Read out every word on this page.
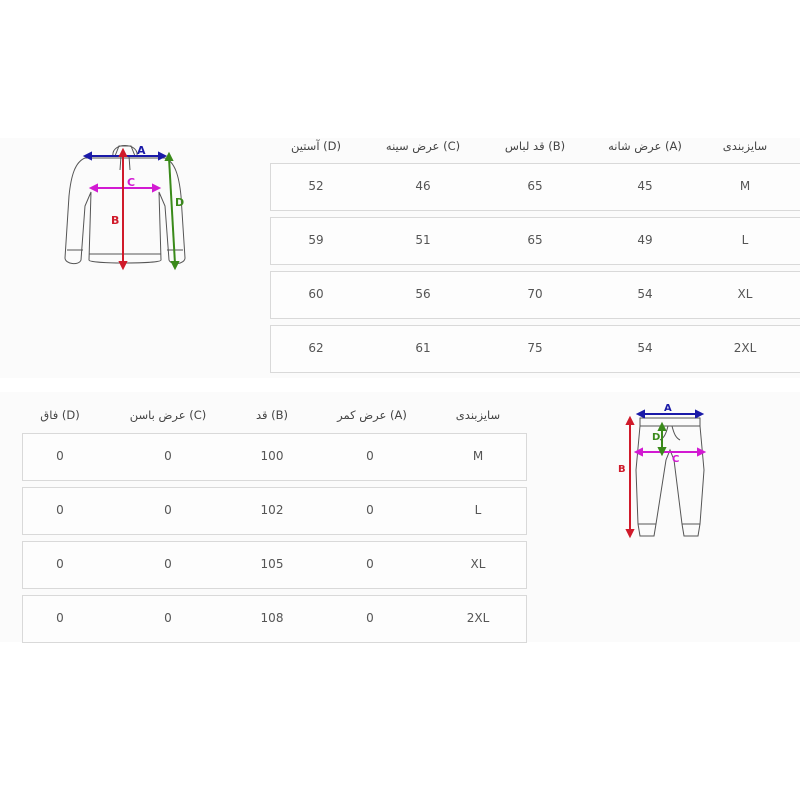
A
C
B
D
سایزبندی
عرض شانه (A)
قد لباس (B)
عرض سینه (C)
آستین (D)
M
45
65
46
52
L
49
65
51
59
XL
54
70
56
60
2XL
54
75
61
62
سایزبندی
عرض کمر (A)
قد (B)
عرض باسن (C)
فاق (D)
M
0
100
0
0
L
0
102
0
0
XL
0
105
0
0
2XL
0
108
0
0
A
C
D
B
